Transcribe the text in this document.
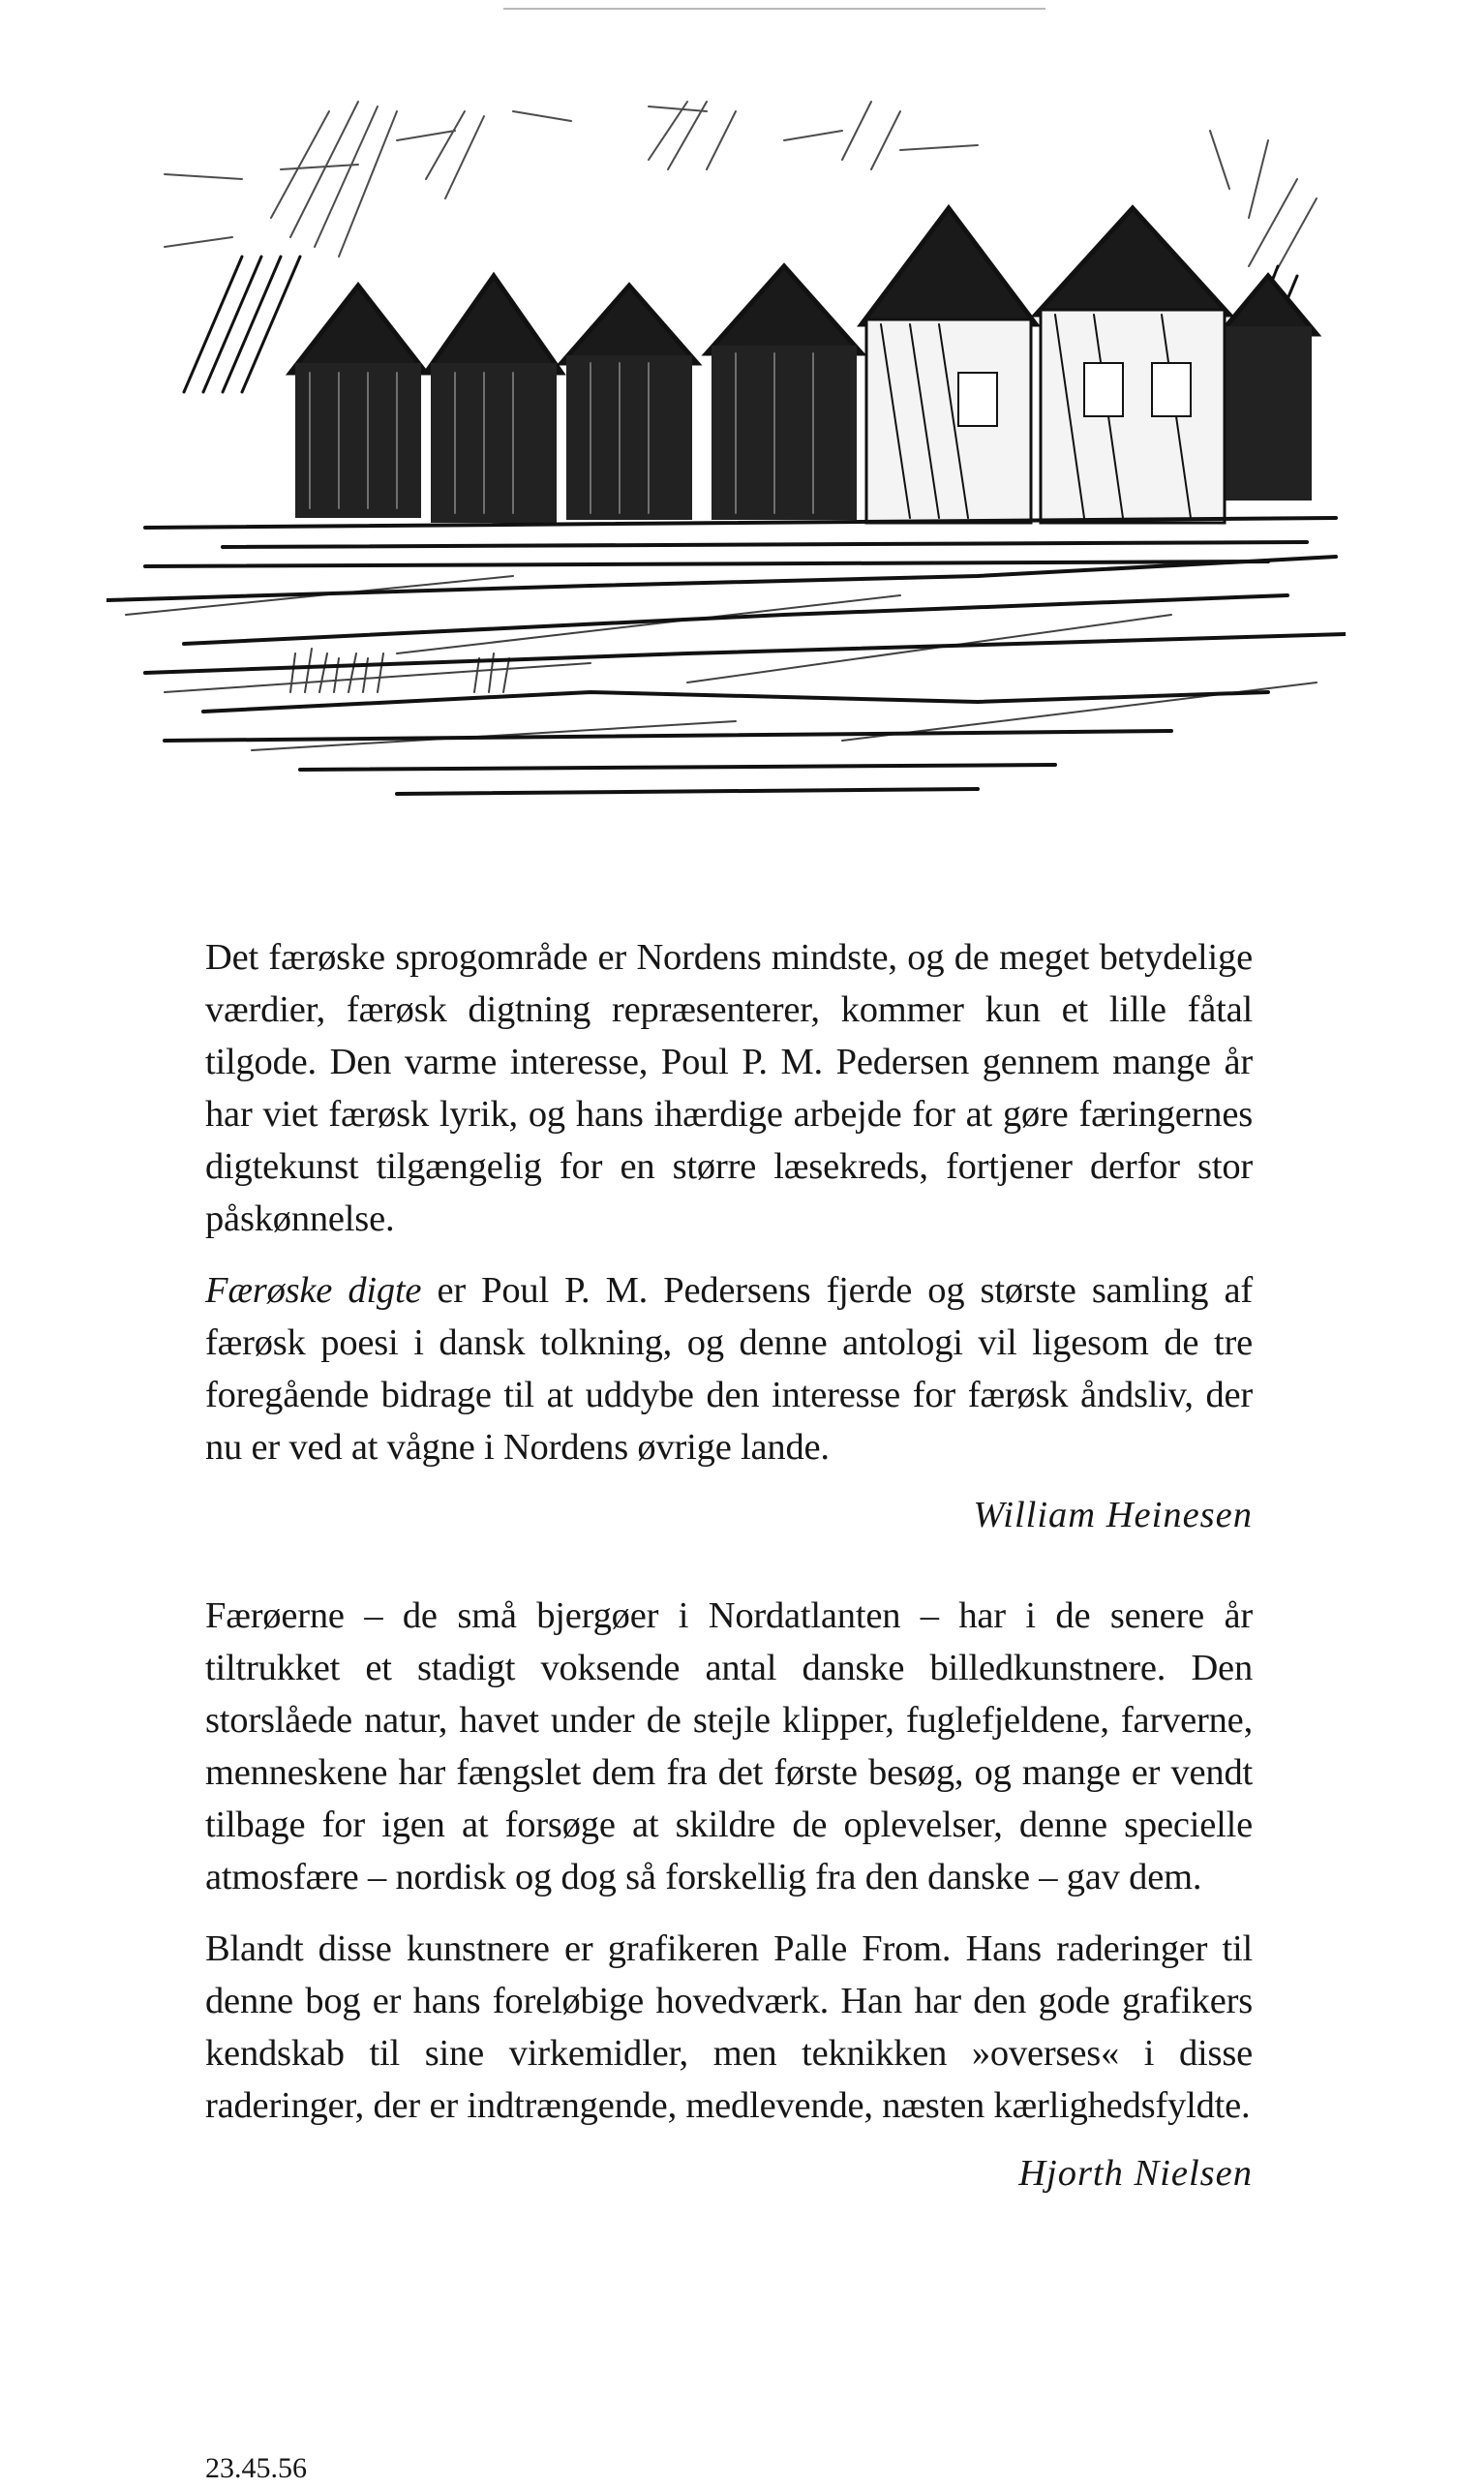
Det færøske sprogområde er Nordens mindste, og de meget betydelige værdier, færøsk digtning repræsenterer, kommer kun et lille fåtal tilgode. Den varme interesse, Poul P. M. Pedersen gennem mange år har viet færøsk lyrik, og hans ihærdige arbejde for at gøre færingernes digtekunst tilgængelig for en større læsekreds, fortjener derfor stor påskønnelse.

Færøske digte er Poul P. M. Pedersens fjerde og største samling af færøsk poesi i dansk tolkning, og denne antologi vil ligesom de tre foregående bidrage til at uddybe den interesse for færøsk åndsliv, der nu er ved at vågne i Nordens øvrige lande.

William Heinesen

Færøerne – de små bjergøer i Nordatlanten – har i de senere år tiltrukket et stadigt voksende antal danske billedkunstnere. Den storslåede natur, havet under de stejle klipper, fuglefjeldene, farverne, menneskene har fængslet dem fra det første besøg, og mange er vendt tilbage for igen at forsøge at skildre de oplevelser, denne specielle atmosfære – nordisk og dog så forskellig fra den danske – gav dem.

Blandt disse kunstnere er grafikeren Palle From. Hans raderinger til denne bog er hans foreløbige hovedværk. Han har den gode grafikers kendskab til sine virkemidler, men teknikken »overses« i disse raderinger, der er indtrængende, medlevende, næsten kærlighedsfyldte.

Hjorth Nielsen
23.45.56
